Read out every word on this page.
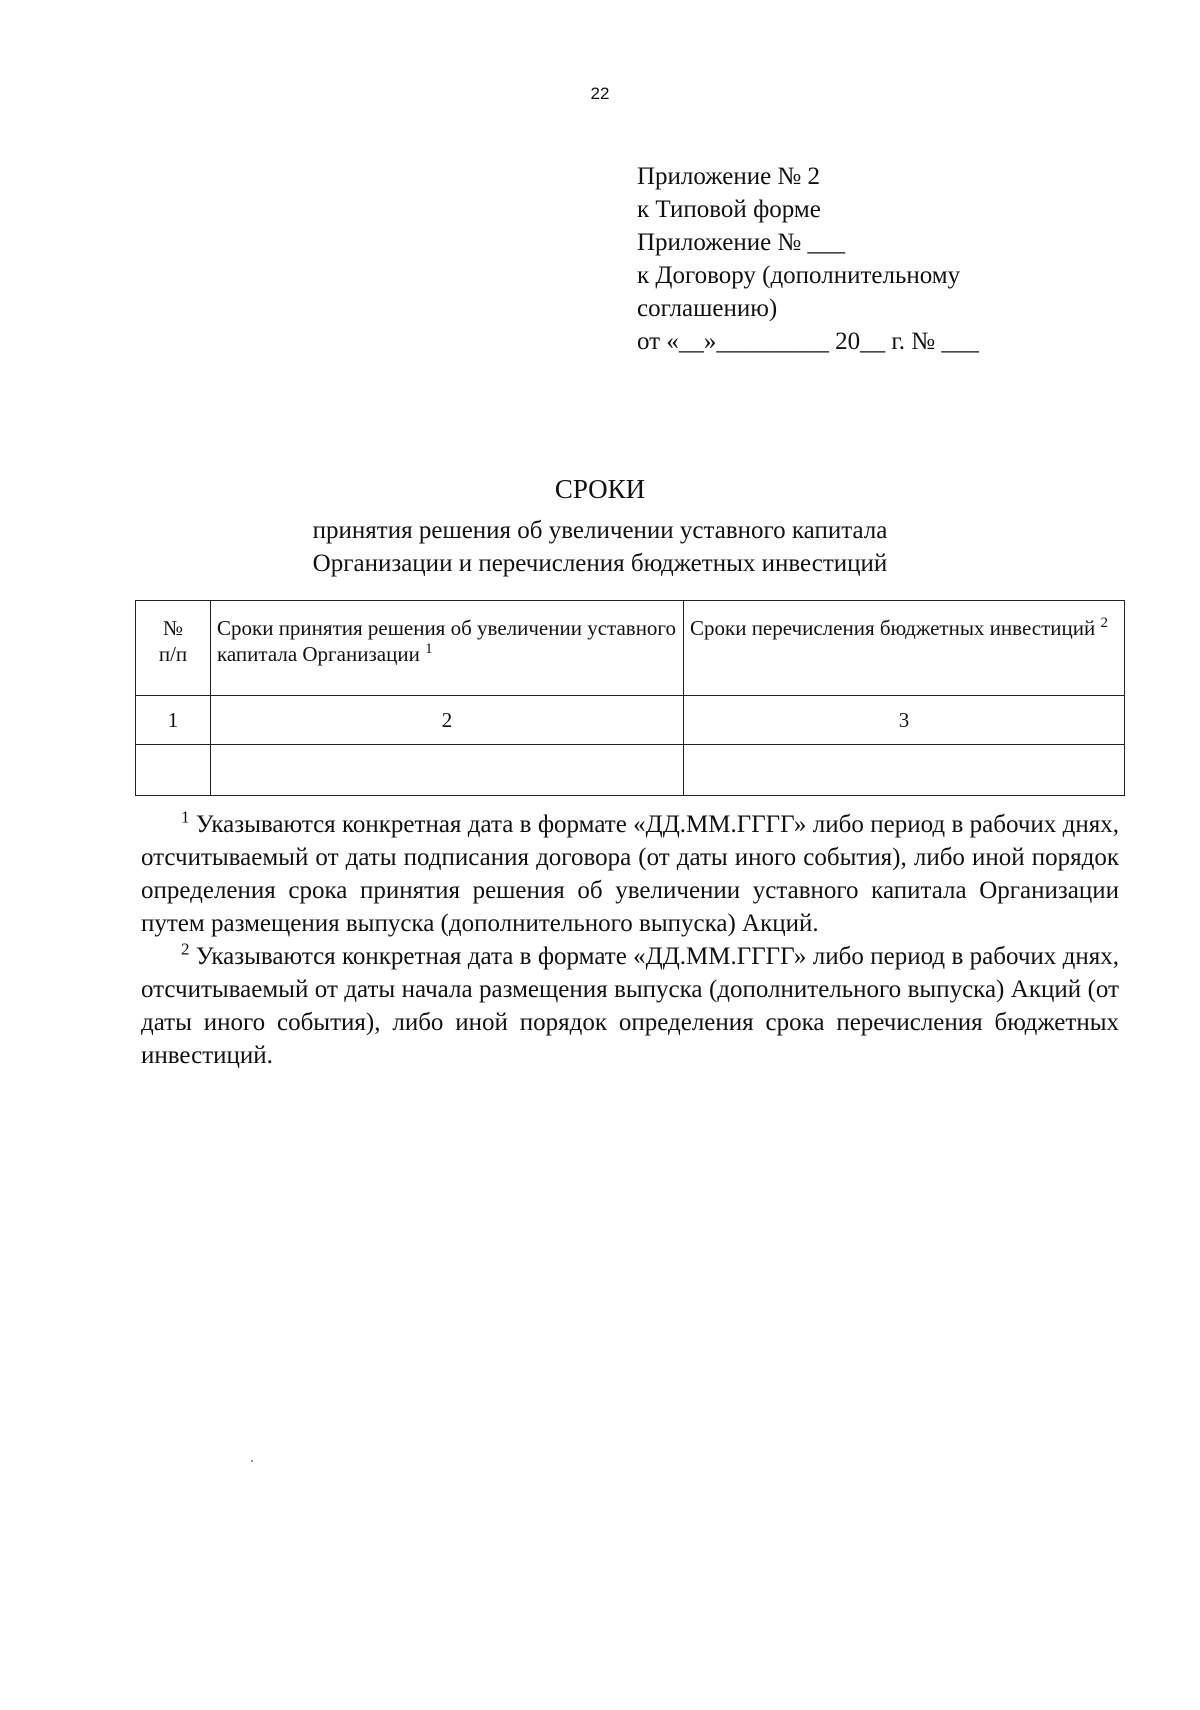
22
Приложение № 2
к Типовой форме
Приложение № ___
к Договору (дополнительному
соглашению)
от «__»_________ 20__ г. № ___
СРОКИ
принятия решения об увеличении уставного капитала
Организации и перечисления бюджетных инвестиций
№
п/п	Сроки принятия решения об увеличении уставного капитала Организации $^1$	Сроки перечисления бюджетных инвестиций $^2$
1	2	3

$^1$ Указываются конкретная дата в формате «ДД.ММ.ГГГГ» либо период в рабочих днях, отсчитываемый от даты подписания договора (от даты иного события), либо иной порядок определения срока принятия решения об увеличении уставного капитала Организации путем размещения выпуска (дополнительного выпуска) Акций.

$^2$ Указываются конкретная дата в формате «ДД.ММ.ГГГГ» либо период в рабочих днях, отсчитываемый от даты начала размещения выпуска (дополнительного выпуска) Акций (от даты иного события), либо иной порядок определения срока перечисления бюджетных инвестиций.
